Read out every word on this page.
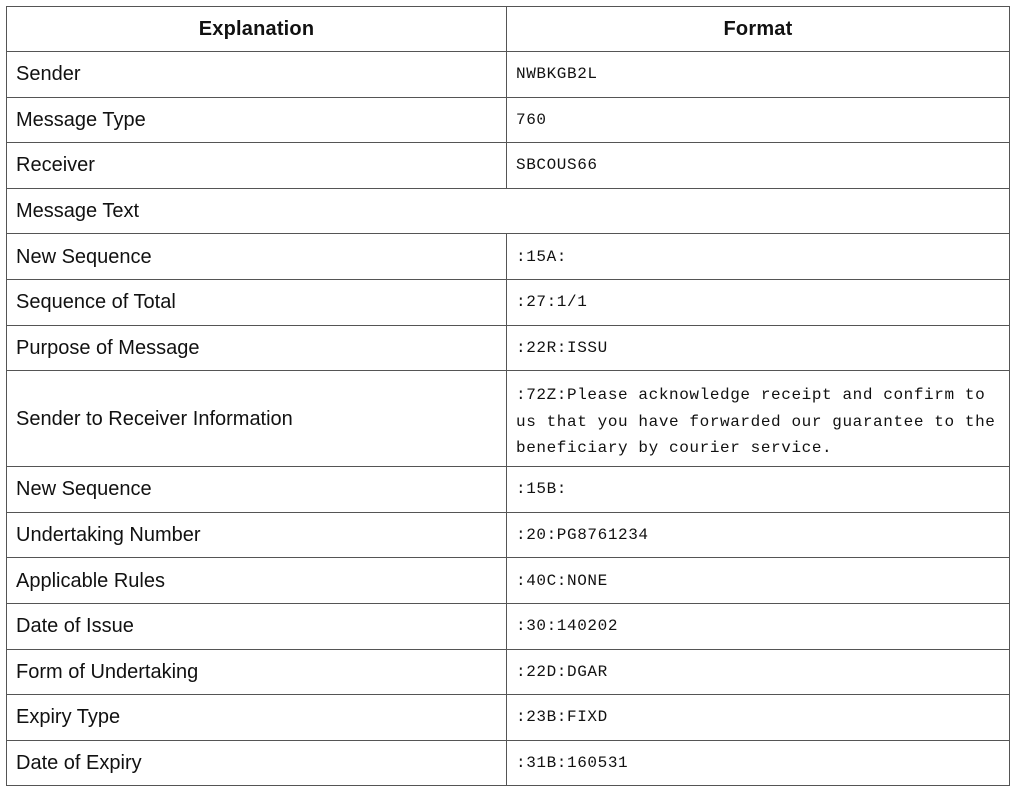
Explanation	Format
Sender	NWBKGB2L
Message Type	760
Receiver	SBCOUS66
Message Text	
New Sequence	:15A:
Sequence of Total	:27:1/1
Purpose of Message	:22R:ISSU
Sender to Receiver Information	:72Z:Please acknowledge receipt and confirm to us that you have forwarded our guarantee to the beneficiary by courier service.
New Sequence	:15B:
Undertaking Number	:20:PG8761234
Applicable Rules	:40C:NONE
Date of Issue	:30:140202
Form of Undertaking	:22D:DGAR
Expiry Type	:23B:FIXD
Date of Expiry	:31B:160531
